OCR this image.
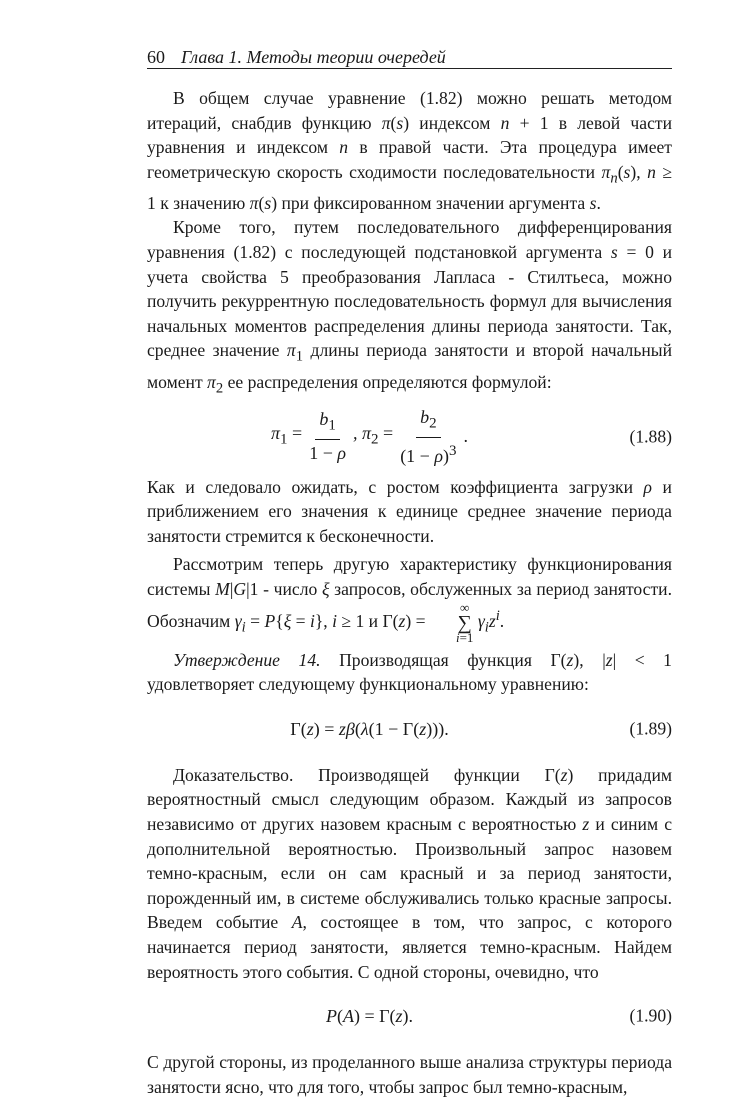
60 Глава 1. Методы теории очередей

В общем случае уравнение (1.82) можно решать методом итераций, снабдив функцию π(s) индексом n + 1 в левой части уравнения и индексом n в правой части. Эта процедура имеет геометрическую скорость сходимости последовательности $\pi_n(s)$, n ≥ 1 к значению π(s) при фиксированном значении аргумента s.

Кроме того, путем последовательного дифференцирования уравнения (1.82) с последующей подстановкой аргумента s = 0 и учета свойства 5 преобразования Лапласа - Стилтьеса, можно получить рекуррентную последовательность формул для вычисления начальных моментов распределения длины периода занятости. Так, среднее значение $\pi_1$ длины периода занятости и второй начальный момент $\pi_2$ ее распределения определяются формулой:

$\pi_1 = \frac{b_1}{1 - \rho}$ , $\pi_2 = \frac{b_2}{(1 - \rho)^3}$ .	(1.88)

Как и следовало ожидать, с ростом коэффициента загрузки ρ и приближением его значения к единице среднее значение периода занятости стремится к бесконечности.

Рассмотрим теперь другую характеристику функционирования системы M|G|1 - число ξ запросов, обслуженных за период занятости. Обозначим $\gamma_i = P\{\xi = i\}$, i ≥ 1 и Γ(z) =
∞
∑
i=1
$\gamma_iz^i$.

Утверждение 14. Производящая функция Γ(z), |z| < 1 удовлетворяет следующему функциональному уравнению:

Γ(z) = zβ(λ(1 − Γ(z))).	(1.89)

Доказательство. Производящей функции Γ(z) придадим вероятностный смысл следующим образом. Каждый из запросов независимо от других назовем красным с вероятностью z и синим с дополнительной вероятностью. Произвольный запрос назовем темно-красным, если он сам красный и за период занятости, порожденный им, в системе обслуживались только красные запросы. Введем событие A, состоящее в том, что запрос, с которого начинается период занятости, является темно-красным. Найдем вероятность этого события. С одной стороны, очевидно, что

P(A) = Γ(z).	(1.90)

С другой стороны, из проделанного выше анализа структуры периода занятости ясно, что для того, чтобы запрос был темно-красным,
